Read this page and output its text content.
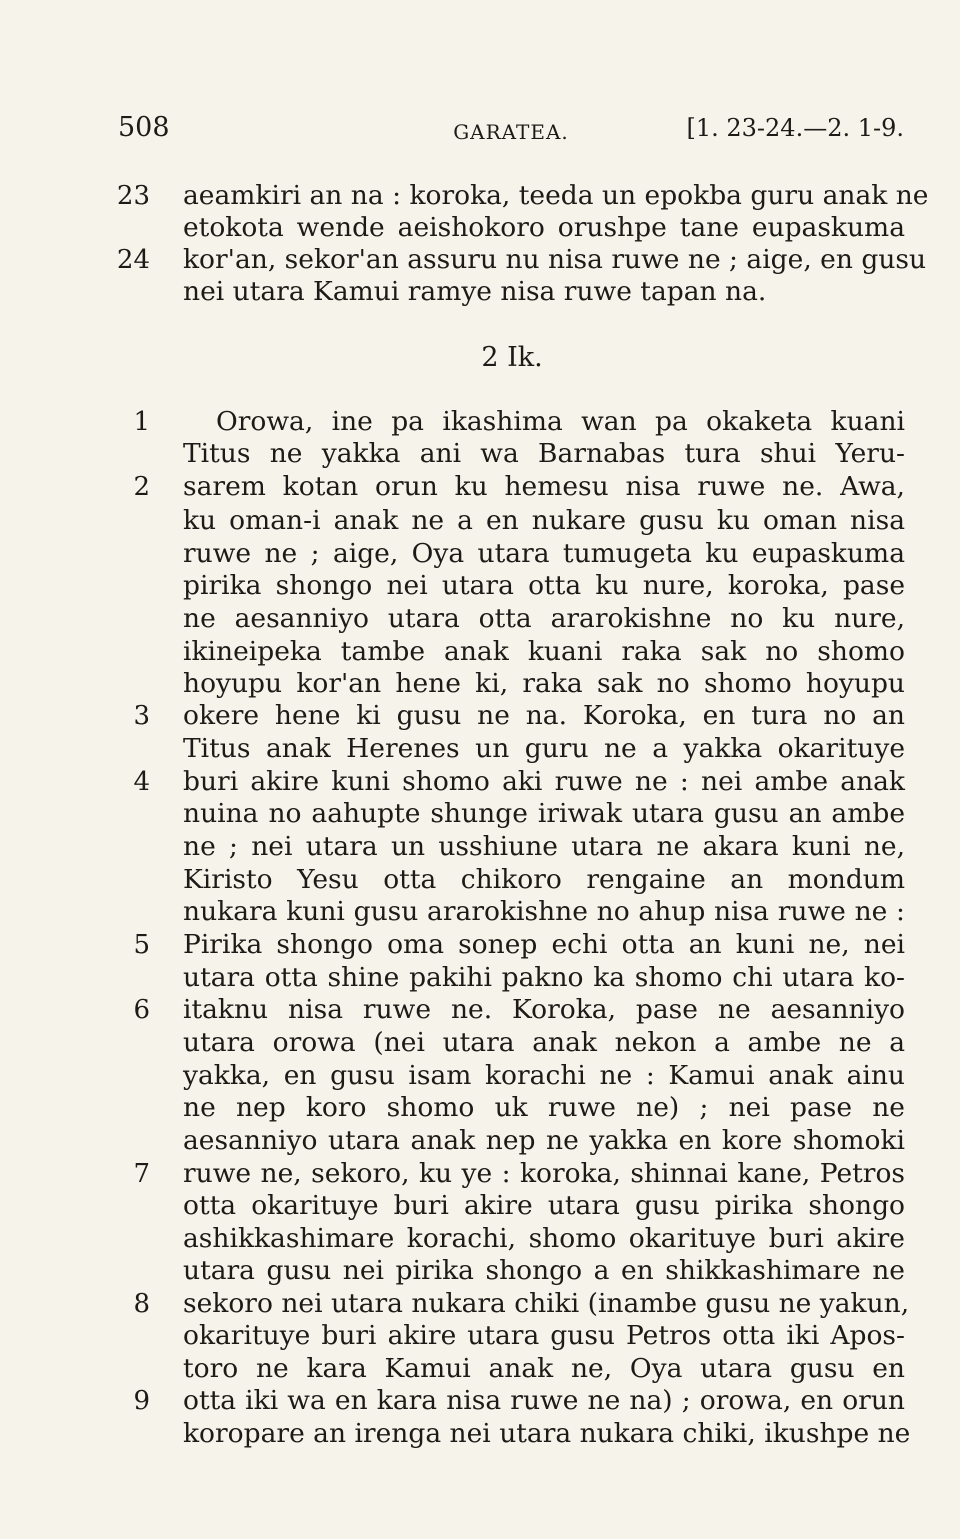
508	GARATEA.	[1. 23-24.—2. 1-9.
23
24
1
2
3
4
5
6
7
8
9
2 Ik.
aeamkiri an na : koroka, teeda un epokba guru anak ne
etokota wende aeishokoro orushpe tane eupaskuma
kor'an, sekor'an assuru nu nisa ruwe ne ; aige, en gusu
nei utara Kamui ramye nisa ruwe tapan na.
Orowa, ine pa ikashima wan pa okaketa kuani
Titus ne yakka ani wa Barnabas tura shui Yeru-
sarem kotan orun ku hemesu nisa ruwe ne. Awa,
ku oman-i anak ne a en nukare gusu ku oman nisa
ruwe ne ; aige, Oya utara tumugeta ku eupaskuma
pirika shongo nei utara otta ku nure, koroka, pase
ne aesanniyo utara otta ararokishne no ku nure,
ikineipeka tambe anak kuani raka sak no shomo
hoyupu kor'an hene ki, raka sak no shomo hoyupu
okere hene ki gusu ne na. Koroka, en tura no an
Titus anak Herenes un guru ne a yakka okarituye
buri akire kuni shomo aki ruwe ne : nei ambe anak
nuina no aahupte shunge iriwak utara gusu an ambe
ne ; nei utara un usshiune utara ne akara kuni ne,
Kiristo Yesu otta chikoro rengaine an mondum
nukara kuni gusu ararokishne no ahup nisa ruwe ne :
Pirika shongo oma sonep echi otta an kuni ne, nei
utara otta shine pakihi pakno ka shomo chi utara ko-
itaknu nisa ruwe ne. Koroka, pase ne aesanniyo
utara orowa (nei utara anak nekon a ambe ne a
yakka, en gusu isam korachi ne : Kamui anak ainu
ne nep koro shomo uk ruwe ne) ; nei pase ne
aesanniyo utara anak nep ne yakka en kore shomoki
ruwe ne, sekoro, ku ye : koroka, shinnai kane, Petros
otta okarituye buri akire utara gusu pirika shongo
ashikkashimare korachi, shomo okarituye buri akire
utara gusu nei pirika shongo a en shikkashimare ne
sekoro nei utara nukara chiki (inambe gusu ne yakun,
okarituye buri akire utara gusu Petros otta iki Apos-
toro ne kara Kamui anak ne, Oya utara gusu en
otta iki wa en kara nisa ruwe ne na) ; orowa, en orun
koropare an irenga nei utara nukara chiki, ikushpe ne
